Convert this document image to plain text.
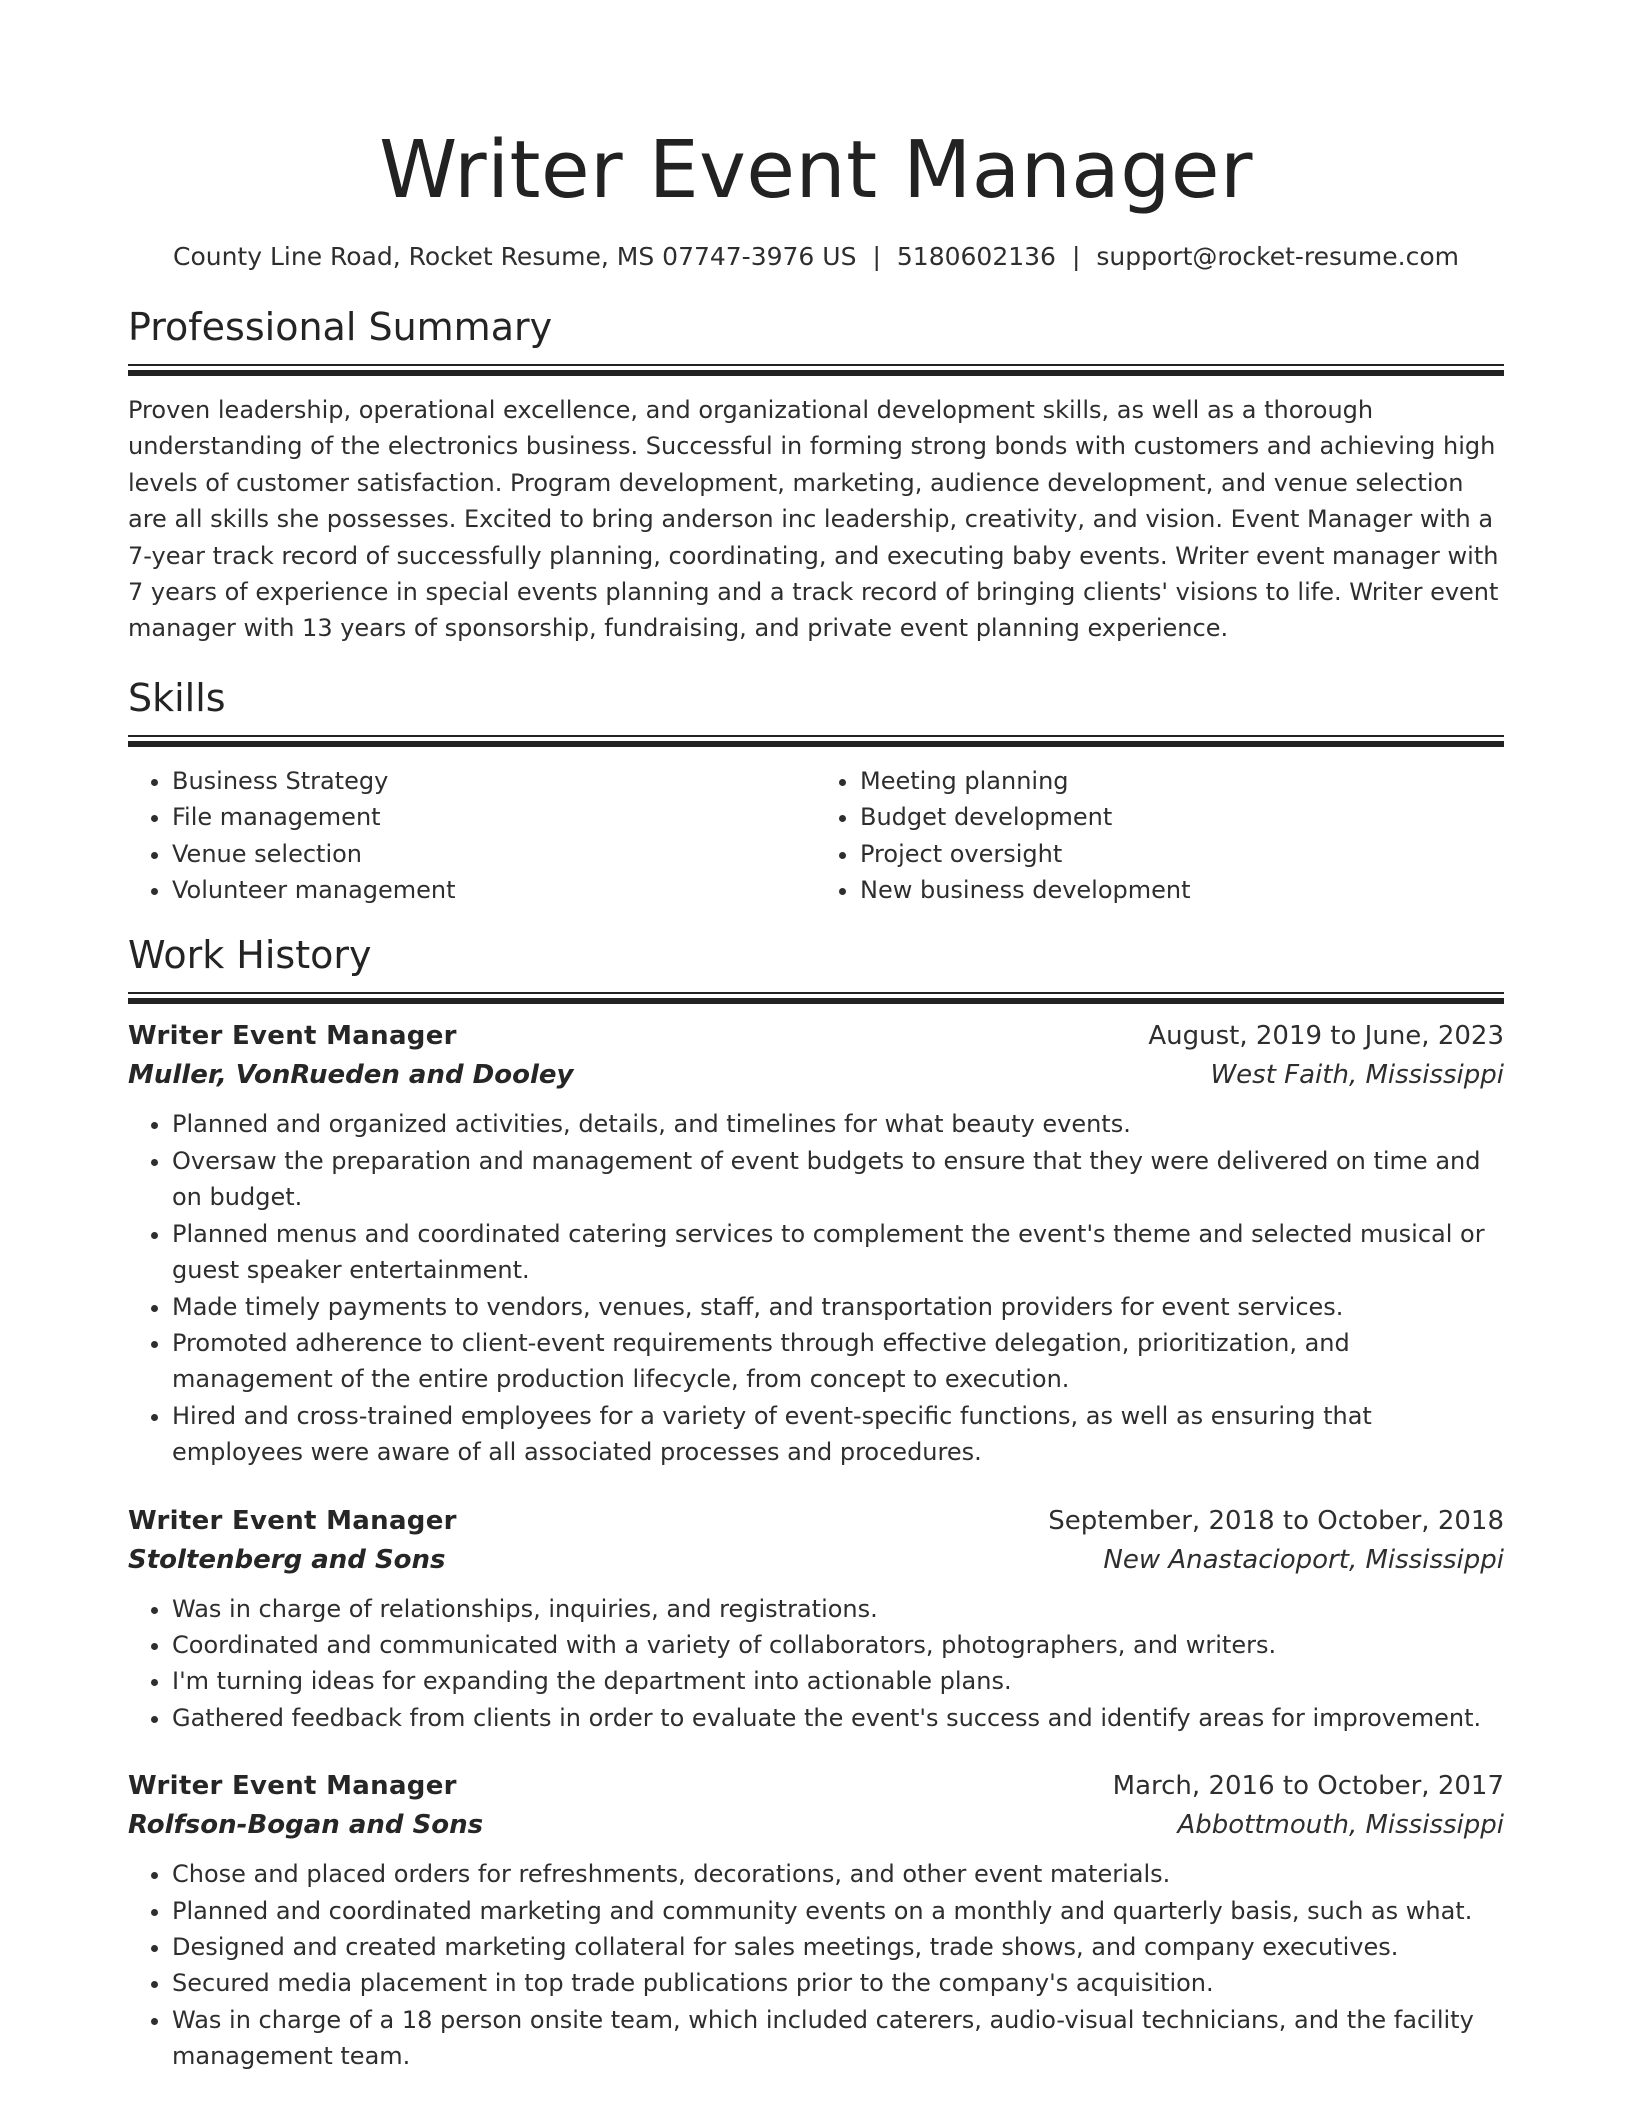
Writer Event Manager
County Line Road, Rocket Resume, MS 07747-3976 US | 5180602136 | support@rocket-resume.com
Professional Summary

Proven leadership, operational excellence, and organizational development skills, as well as a thorough understanding of the electronics business. Successful in forming strong bonds with customers and achieving high levels of customer satisfaction. Program development, marketing, audience development, and venue selection are all skills she possesses. Excited to bring anderson inc leadership, creativity, and vision. Event Manager with a 7-year track record of successfully planning, coordinating, and executing baby events. Writer event manager with 7 years of experience in special events planning and a track record of bringing clients' visions to life. Writer event manager with 13 years of sponsorship, fundraising, and private event planning experience.

Skills
• Business Strategy
• File management
• Venue selection
• Volunteer management
• Meeting planning
• Budget development
• Project oversight
• New business development
Work History
Writer Event Manager	August, 2019 to June, 2023
Muller, VonRueden and Dooley	West Faith, Mississippi
• Planned and organized activities, details, and timelines for what beauty events.
• Oversaw the preparation and management of event budgets to ensure that they were delivered on time and on budget.
• Planned menus and coordinated catering services to complement the event's theme and selected musical or guest speaker entertainment.
• Made timely payments to vendors, venues, staff, and transportation providers for event services.
• Promoted adherence to client-event requirements through effective delegation, prioritization, and management of the entire production lifecycle, from concept to execution.
• Hired and cross-trained employees for a variety of event-specific functions, as well as ensuring that employees were aware of all associated processes and procedures.
Writer Event Manager	September, 2018 to October, 2018
Stoltenberg and Sons	New Anastacioport, Mississippi
• Was in charge of relationships, inquiries, and registrations.
• Coordinated and communicated with a variety of collaborators, photographers, and writers.
• I'm turning ideas for expanding the department into actionable plans.
• Gathered feedback from clients in order to evaluate the event's success and identify areas for improvement.
Writer Event Manager	March, 2016 to October, 2017
Rolfson-Bogan and Sons	Abbottmouth, Mississippi
• Chose and placed orders for refreshments, decorations, and other event materials.
• Planned and coordinated marketing and community events on a monthly and quarterly basis, such as what.
• Designed and created marketing collateral for sales meetings, trade shows, and company executives.
• Secured media placement in top trade publications prior to the company's acquisition.
• Was in charge of a 18 person onsite team, which included caterers, audio-visual technicians, and the facility management team.
